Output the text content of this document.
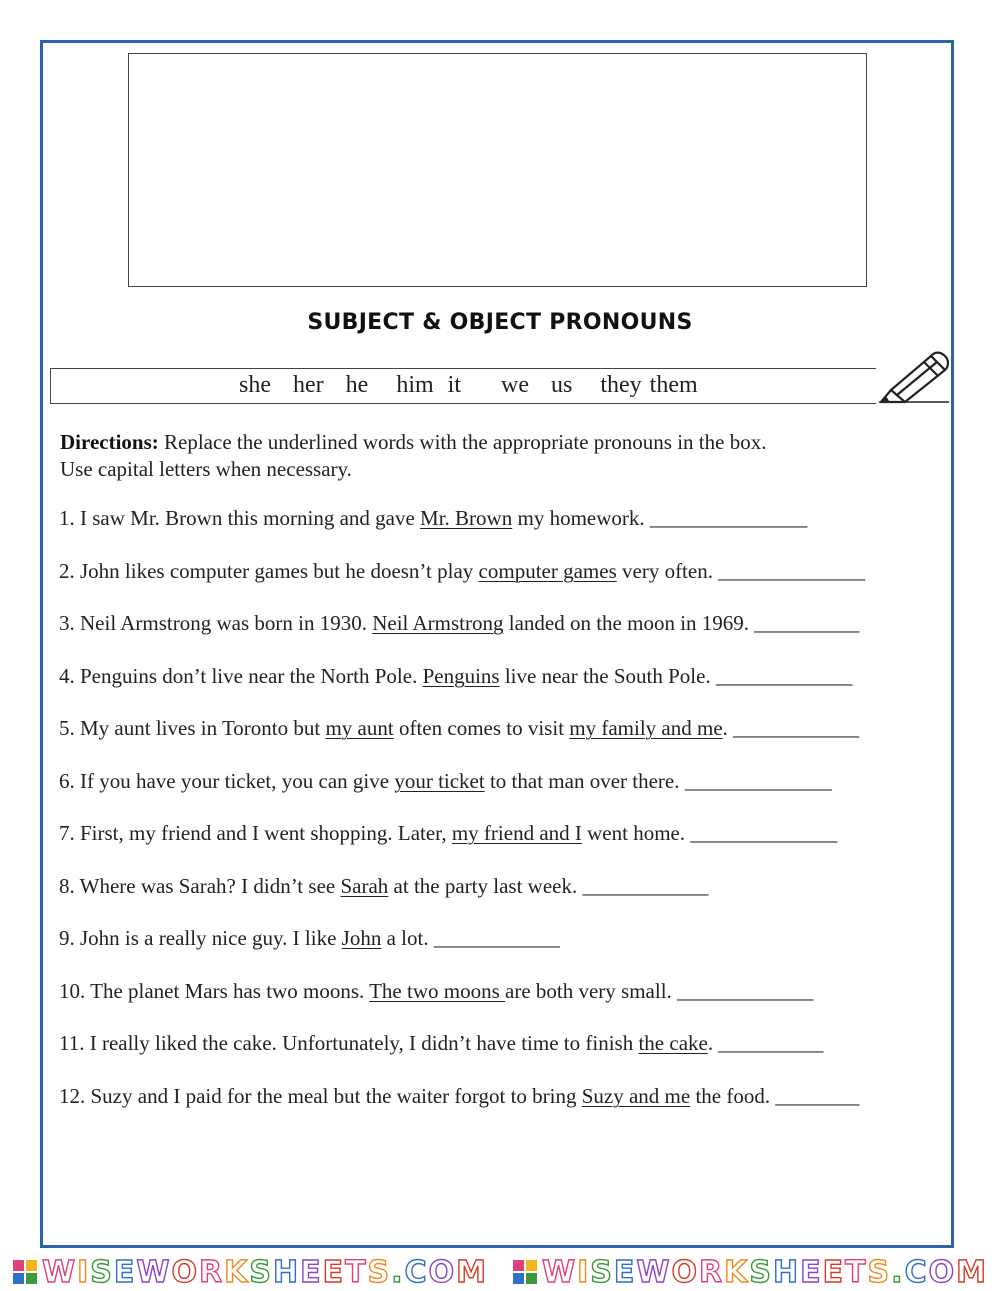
SUBJECT & OBJECT PRONOUNS
she her he him it we us they them
Directions: Replace the underlined words with the appropriate pronouns in the box.
Use capital letters when necessary.
1. I saw Mr. Brown this morning and gave Mr. Brown my homework. _______________
2. John likes computer games but he doesn’t play computer games very often. ______________
3. Neil Armstrong was born in 1930. Neil Armstrong landed on the moon in 1969. __________
4. Penguins don’t live near the North Pole. Penguins live near the South Pole. _____________
5. My aunt lives in Toronto but my aunt often comes to visit my family and me. ____________
6. If you have your ticket, you can give your ticket to that man over there. ______________
7. First, my friend and I went shopping. Later, my friend and I went home. ______________
8. Where was Sarah? I didn’t see Sarah at the party last week. ____________
9. John is a really nice guy. I like John a lot. ____________
10. The planet Mars has two moons. The two moons are both very small. _____________
11. I really liked the cake. Unfortunately, I didn’t have time to finish the cake. __________
12. Suzy and I paid for the meal but the waiter forgot to bring Suzy and me the food. ________
WISEWORKSHEETS.COM WISEWORKSHEETS.COM
